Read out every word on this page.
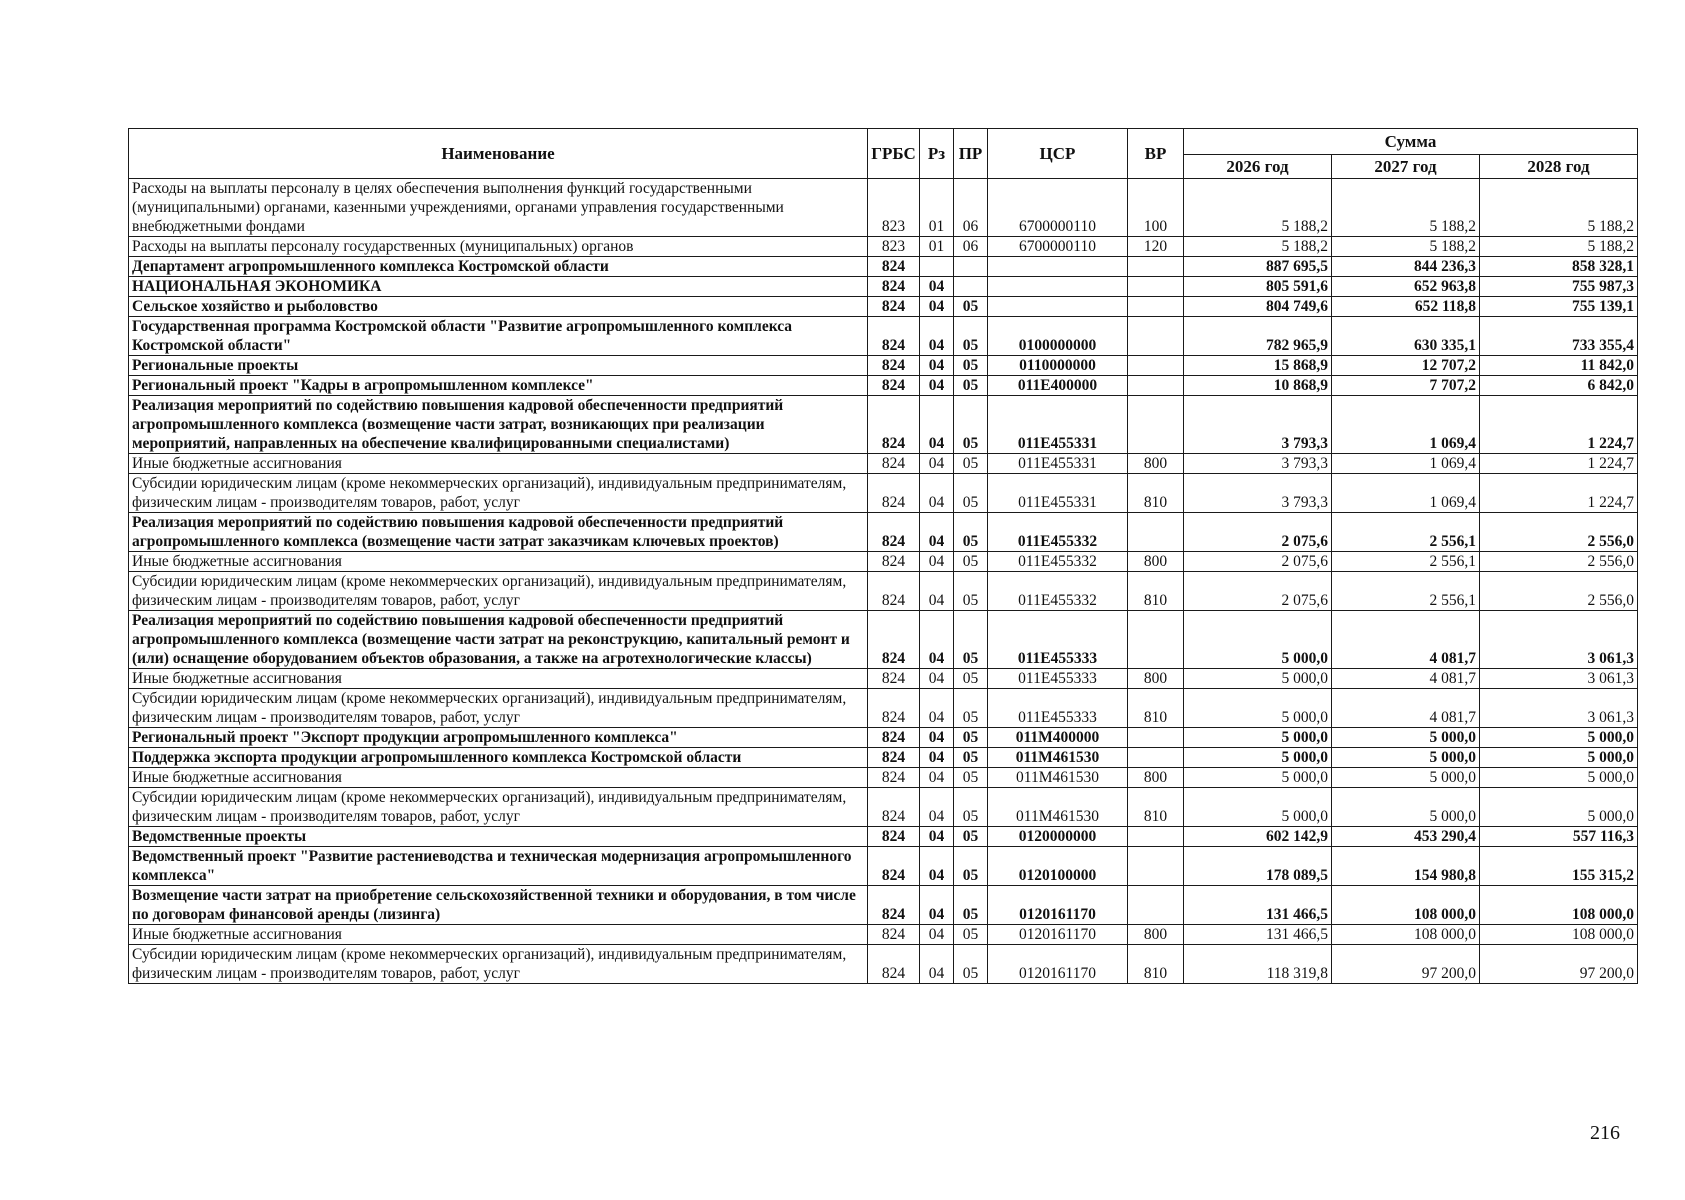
Наименование	ГРБС	Рз	ПР	ЦСР	ВР	Сумма		
						2026 год	2027 год	2028 год
Расходы на выплаты персоналу в целях обеспечения выполнения функций государственными (муниципальными) органами, казенными учреждениями, органами управления государственными внебюджетными фондами	823	01	06	6700000110	100	5 188,2	5 188,2	5 188,2
Расходы на выплаты персоналу государственных (муниципальных) органов	823	01	06	6700000110	120	5 188,2	5 188,2	5 188,2
Департамент агропромышленного комплекса Костромской области	824					887 695,5	844 236,3	858 328,1
НАЦИОНАЛЬНАЯ ЭКОНОМИКА	824	04				805 591,6	652 963,8	755 987,3
Сельское хозяйство и рыболовство	824	04	05			804 749,6	652 118,8	755 139,1
Государственная программа Костромской области "Развитие агропромышленного комплекса Костромской области"	824	04	05	0100000000		782 965,9	630 335,1	733 355,4
Региональные проекты	824	04	05	0110000000		15 868,9	12 707,2	11 842,0
Региональный проект "Кадры в агропромышленном комплексе"	824	04	05	011Е400000		10 868,9	7 707,2	6 842,0
Реализация мероприятий по содействию повышения кадровой обеспеченности предприятий агропромышленного комплекса (возмещение части затрат, возникающих при реализации мероприятий, направленных на обеспечение квалифицированными специалистами)	824	04	05	011Е455331		3 793,3	1 069,4	1 224,7
Иные бюджетные ассигнования	824	04	05	011Е455331	800	3 793,3	1 069,4	1 224,7
Субсидии юридическим лицам (кроме некоммерческих организаций), индивидуальным предпринимателям, физическим лицам - производителям товаров, работ, услуг	824	04	05	011Е455331	810	3 793,3	1 069,4	1 224,7
Реализация мероприятий по содействию повышения кадровой обеспеченности предприятий агропромышленного комплекса (возмещение части затрат заказчикам ключевых проектов)	824	04	05	011Е455332		2 075,6	2 556,1	2 556,0
Иные бюджетные ассигнования	824	04	05	011Е455332	800	2 075,6	2 556,1	2 556,0
Субсидии юридическим лицам (кроме некоммерческих организаций), индивидуальным предпринимателям, физическим лицам - производителям товаров, работ, услуг	824	04	05	011Е455332	810	2 075,6	2 556,1	2 556,0
Реализация мероприятий по содействию повышения кадровой обеспеченности предприятий агропромышленного комплекса (возмещение части затрат на реконструкцию, капитальный ремонт и (или) оснащение оборудованием объектов образования, а также на агротехнологические классы)	824	04	05	011Е455333		5 000,0	4 081,7	3 061,3
Иные бюджетные ассигнования	824	04	05	011Е455333	800	5 000,0	4 081,7	3 061,3
Субсидии юридическим лицам (кроме некоммерческих организаций), индивидуальным предпринимателям, физическим лицам - производителям товаров, работ, услуг	824	04	05	011Е455333	810	5 000,0	4 081,7	3 061,3
Региональный проект "Экспорт продукции агропромышленного комплекса"	824	04	05	011М400000		5 000,0	5 000,0	5 000,0
Поддержка экспорта продукции агропромышленного комплекса Костромской области	824	04	05	011М461530		5 000,0	5 000,0	5 000,0
Иные бюджетные ассигнования	824	04	05	011М461530	800	5 000,0	5 000,0	5 000,0
Субсидии юридическим лицам (кроме некоммерческих организаций), индивидуальным предпринимателям, физическим лицам - производителям товаров, работ, услуг	824	04	05	011М461530	810	5 000,0	5 000,0	5 000,0
Ведомственные проекты	824	04	05	0120000000		602 142,9	453 290,4	557 116,3
Ведомственный проект "Развитие растениеводства и техническая модернизация агропромышленного комплекса"	824	04	05	0120100000		178 089,5	154 980,8	155 315,2
Возмещение части затрат на приобретение сельскохозяйственной техники и оборудования, в том числе по договорам финансовой аренды (лизинга)	824	04	05	0120161170		131 466,5	108 000,0	108 000,0
Иные бюджетные ассигнования	824	04	05	0120161170	800	131 466,5	108 000,0	108 000,0
Субсидии юридическим лицам (кроме некоммерческих организаций), индивидуальным предпринимателям, физическим лицам - производителям товаров, работ, услуг	824	04	05	0120161170	810	118 319,8	97 200,0	97 200,0
216
